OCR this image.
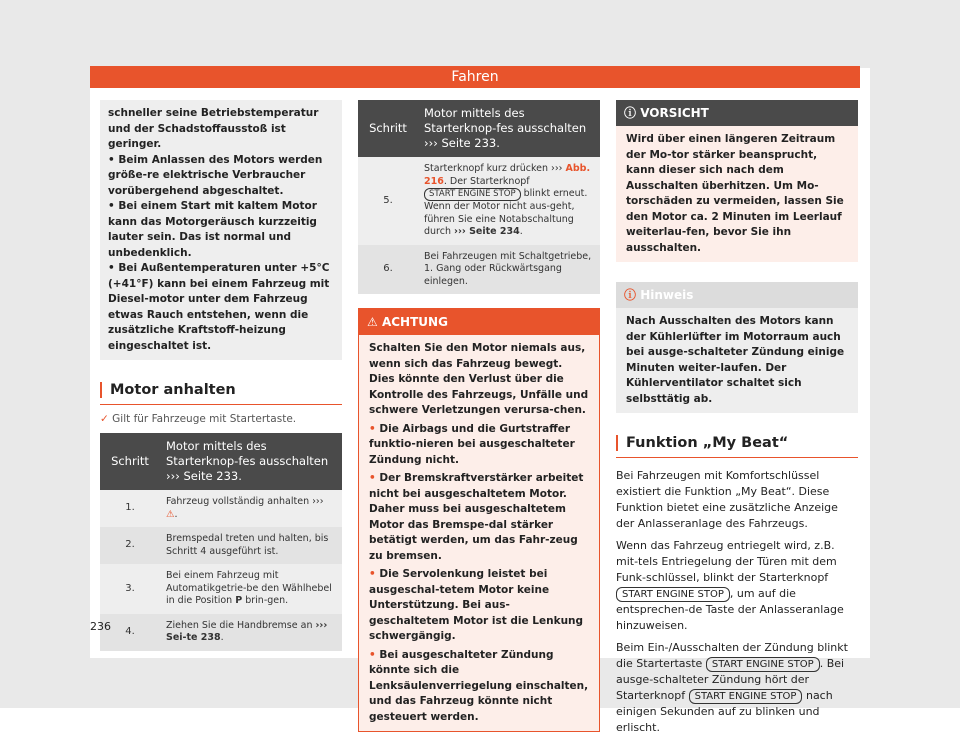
Fahren

schneller seine Betriebstemperatur und der Schadstoffausstoß ist geringer.

• Beim Anlassen des Motors werden größe-re elektrische Verbraucher vorübergehend abgeschaltet.

• Bei einem Start mit kaltem Motor kann das Motorgeräusch kurzzeitig lauter sein. Das ist normal und unbedenklich.

• Bei Außentemperaturen unter +5°C (+41°F) kann bei einem Fahrzeug mit Diesel-motor unter dem Fahrzeug etwas Rauch entstehen, wenn die zusätzliche Kraftstoff-heizung eingeschaltet ist.

Motor anhalten
✓ Gilt für Fahrzeuge mit Startertaste.
Schritt	Motor mittels des Starterknop-fes ausschalten ››› Seite 233.
1.	Fahrzeug vollständig anhalten ››› ⚠.
2.	Bremspedal treten und halten, bis Schritt 4 ausgeführt ist.
3.	Bei einem Fahrzeug mit Automatikgetrie-be den Wählhebel in die Position P brin-gen.
4.	Ziehen Sie die Handbremse an ››› Sei-te 238.
Schritt	Motor mittels des Starterknop-fes ausschalten ››› Seite 233.
5.	Starterknopf kurz drücken ››› Abb. 216. Der Starterknopf START ENGINE STOP blinkt erneut. Wenn der Motor nicht aus-geht, führen Sie eine Notabschaltung durch ››› Seite 234.
6.	Bei Fahrzeugen mit Schaltgetriebe, 1. Gang oder Rückwärtsgang einlegen.
⚠ ACHTUNG

Schalten Sie den Motor niemals aus, wenn sich das Fahrzeug bewegt. Dies könnte den Verlust über die Kontrolle des Fahrzeugs, Unfälle und schwere Verletzungen verursa-chen.

• Die Airbags und die Gurtstraffer funktio-nieren bei ausgeschalteter Zündung nicht.

• Der Bremskraftverstärker arbeitet nicht bei ausgeschaltetem Motor. Daher muss bei ausgeschaltetem Motor das Bremspe-dal stärker betätigt werden, um das Fahr-zeug zu bremsen.

• Die Servolenkung leistet bei ausgeschal-tetem Motor keine Unterstützung. Bei aus-geschaltetem Motor ist die Lenkung schwergängig.

• Bei ausgeschalteter Zündung könnte sich die Lenksäulenverriegelung einschalten, und das Fahrzeug könnte nicht gesteuert werden.

ⓘ VORSICHT

Wird über einen längeren Zeitraum der Mo-tor stärker beansprucht, kann dieser sich nach dem Ausschalten überhitzen. Um Mo-torschäden zu vermeiden, lassen Sie den Motor ca. 2 Minuten im Leerlauf weiterlau-fen, bevor Sie ihn ausschalten.

ⓘ Hinweis

Nach Ausschalten des Motors kann der Kühlerlüfter im Motorraum auch bei ausge-schalteter Zündung einige Minuten weiter-laufen. Der Kühlerventilator schaltet sich selbsttätig ab.

Funktion „My Beat“

Bei Fahrzeugen mit Komfortschlüssel existiert die Funktion „My Beat“. Diese Funktion bietet eine zusätzliche Anzeige der Anlasseranlage des Fahrzeugs.

Wenn das Fahrzeug entriegelt wird, z.B. mit-tels Entriegelung der Türen mit dem Funk-schlüssel, blinkt der Starterknopf START ENGINE STOP , um auf die entsprechen-de Taste der Anlasseranlage hinzuweisen.

Beim Ein-/Ausschalten der Zündung blinkt die Startertaste START ENGINE STOP . Bei ausge-schalteter Zündung hört der Starterknopf START ENGINE STOP nach einigen Sekunden auf zu blinken und erlischt.

236
